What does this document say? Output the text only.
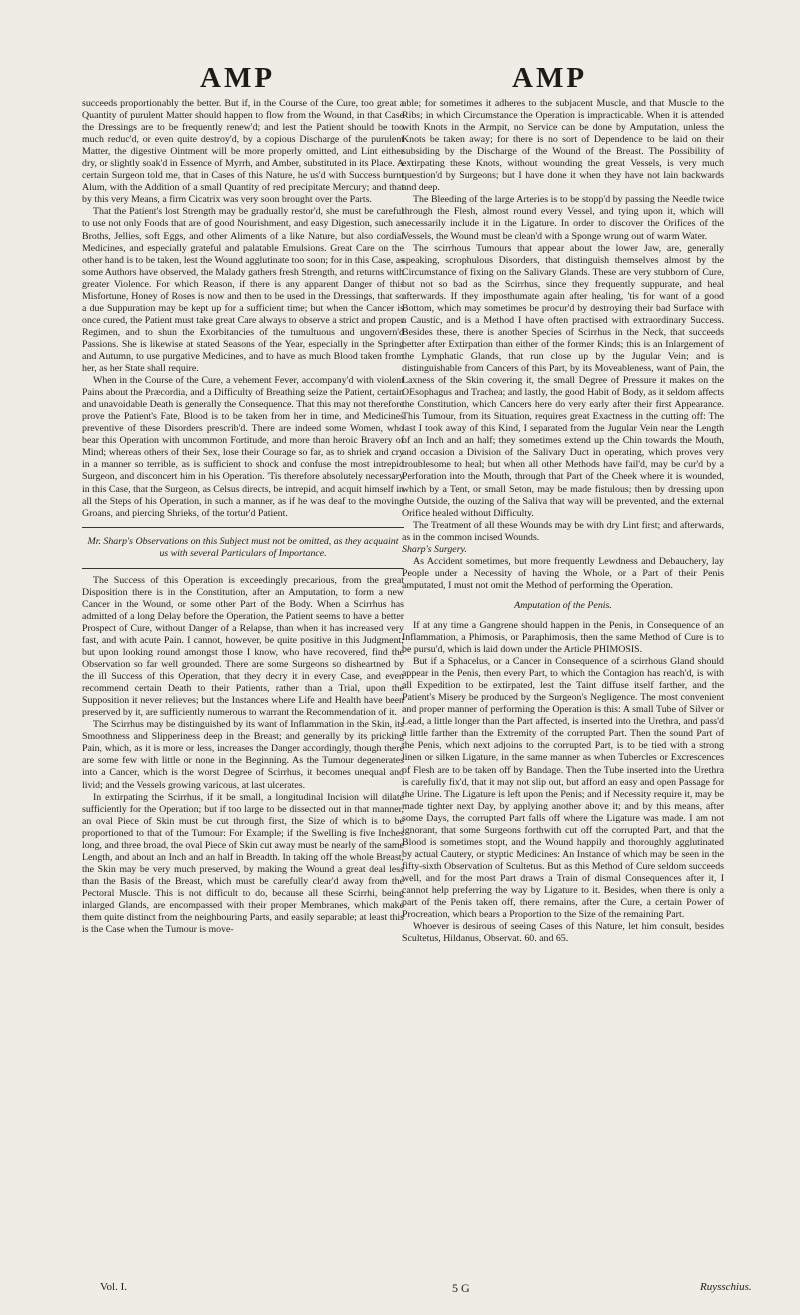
AMP	AMP

succeeds proportionably the better. But if, in the Course of the Cure, too great a Quantity of purulent Matter should happen to flow from the Wound, in that Case the Dressings are to be frequently renew'd; and lest the Patient should be too much reduc'd, or even quite destroy'd, by a copious Discharge of the purulent Matter, the digestive Ointment will be more properly omitted, and Lint either dry, or slightly soak'd in Essence of Myrrh, and Amber, substituted in its Place. A certain Surgeon told me, that in Cases of this Nature, he us'd with Success burnt Alum, with the Addition of a small Quantity of red precipitate Mercury; and that by this very Means, a firm Cicatrix was very soon brought over the Parts.

That the Patient's lost Strength may be gradually restor'd, she must be careful to use not only Foods that are of good Nourishment, and easy Digestion, such as Broths, Jellies, soft Eggs, and other Aliments of a like Nature, but also cordial Medicines, and especially grateful and palatable Emulsions. Great Care on the other hand is to be taken, lest the Wound agglutinate too soon; for in this Case, as some Authors have observed, the Malady gathers fresh Strength, and returns with greater Violence. For which Reason, if there is any apparent Danger of this Misfortune, Honey of Roses is now and then to be used in the Dressings, that so a due Suppuration may be kept up for a sufficient time; but when the Cancer is once cured, the Patient must take great Care always to observe a strict and proper Regimen, and to shun the Exorbitancies of the tumultuous and ungovern'd Passions. She is likewise at stated Seasons of the Year, especially in the Spring and Autumn, to use purgative Medicines, and to have as much Blood taken from her, as her State shall require.

When in the Course of the Cure, a vehement Fever, accompany'd with violent Pains about the Præcordia, and a Difficulty of Breathing seize the Patient, certain and unavoidable Death is generally the Consequence. That this may not therefore prove the Patient's Fate, Blood is to be taken from her in time, and Medicines preventive of these Disorders prescrib'd. There are indeed some Women, who bear this Operation with uncommon Fortitude, and more than heroic Bravery of Mind; whereas others of their Sex, lose their Courage so far, as to shriek and cry in a manner so terrible, as is sufficient to shock and confuse the most intrepid Surgeon, and disconcert him in his Operation. 'Tis therefore absolutely necessary in this Case, that the Surgeon, as Celsus directs, be intrepid, and acquit himself in all the Steps of his Operation, in such a manner, as if he was deaf to the moving Groans, and piercing Shrieks, of the tortur'd Patient.

Mr. Sharp's Observations on this Subject must not be omitted, as they acquaint us with several Particulars of Importance.

The Success of this Operation is exceedingly precarious, from the great Disposition there is in the Constitution, after an Amputation, to form a new Cancer in the Wound, or some other Part of the Body. When a Scirrhus has admitted of a long Delay before the Operation, the Patient seems to have a better Prospect of Cure, without Danger of a Relapse, than when it has increased very fast, and with acute Pain. I cannot, however, be quite positive in this Judgment; but upon looking round amongst those I know, who have recovered, find the Observation so far well grounded. There are some Surgeons so disheartned by the ill Success of this Operation, that they decry it in every Case, and even recommend certain Death to their Patients, rather than a Trial, upon the Supposition it never relieves; but the Instances where Life and Health have been preserved by it, are sufficiently numerous to warrant the Recommendation of it.

The Scirrhus may be distinguished by its want of Inflammation in the Skin, its Smoothness and Slipperiness deep in the Breast; and generally by its pricking Pain, which, as it is more or less, increases the Danger accordingly, though there are some few with little or none in the Beginning. As the Tumour degenerates into a Cancer, which is the worst Degree of Scirrhus, it becomes unequal and livid; and the Vessels growing varicous, at last ulcerates.

In extirpating the Scirrhus, if it be small, a longitudinal Incision will dilate sufficiently for the Operation; but if too large to be dissected out in that manner, an oval Piece of Skin must be cut through first, the Size of which is to be proportioned to that of the Tumour: For Example; if the Swelling is five Inches long, and three broad, the oval Piece of Skin cut away must be nearly of the same Length, and about an Inch and an half in Breadth. In taking off the whole Breast, the Skin may be very much preserved, by making the Wound a great deal less than the Basis of the Breast, which must be carefully clear'd away from the Pectoral Muscle. This is not difficult to do, because all these Scirrhi, being inlarged Glands, are encompassed with their proper Membranes, which make them quite distinct from the neighbouring Parts, and easily separable; at least this is the Case when the Tumour is move-

able; for sometimes it adheres to the subjacent Muscle, and that Muscle to the Ribs; in which Circumstance the Operation is impracticable. When it is attended with Knots in the Armpit, no Service can be done by Amputation, unless the Knots be taken away; for there is no sort of Dependence to be laid on their subsiding by the Discharge of the Wound of the Breast. The Possibility of extirpating these Knots, without wounding the great Vessels, is very much question'd by Surgeons; but I have done it when they have not lain backwards and deep.

The Bleeding of the large Arteries is to be stopp'd by passing the Needle twice through the Flesh, almost round every Vessel, and tying upon it, which will necessarily include it in the Ligature. In order to discover the Orifices of the Vessels, the Wound must be clean'd with a Sponge wrung out of warm Water.

The scirrhous Tumours that appear about the lower Jaw, are, generally speaking, scrophulous Disorders, that distinguish themselves almost by the Circumstance of fixing on the Salivary Glands. These are very stubborn of Cure, but not so bad as the Scirrhus, since they frequently suppurate, and heal afterwards. If they imposthumate again after healing, 'tis for want of a good Bottom, which may sometimes be procur'd by destroying their bad Surface with a Caustic, and is a Method I have often practised with extraordinary Success. Besides these, there is another Species of Scirrhus in the Neck, that succeeds better after Extirpation than either of the former Kinds; this is an Inlargement of the Lymphatic Glands, that run close up by the Jugular Vein; and is distinguishable from Cancers of this Part, by its Moveableness, want of Pain, the Laxness of the Skin covering it, the small Degree of Pressure it makes on the OEsophagus and Trachea; and lastly, the good Habit of Body, as it seldom affects the Constitution, which Cancers here do very early after their first Appearance. This Tumour, from its Situation, requires great Exactness in the cutting off: The last I took away of this Kind, I separated from the Jugular Vein near the Length of an Inch and an half; they sometimes extend up the Chin towards the Mouth, and occasion a Division of the Salivary Duct in operating, which proves very troublesome to heal; but when all other Methods have fail'd, may be cur'd by a Perforation into the Mouth, through that Part of the Cheek where it is wounded, which by a Tent, or small Seton, may be made fistulous; then by dressing upon the Outside, the ouzing of the Saliva that way will be prevented, and the external Orifice healed without Difficulty.

The Treatment of all these Wounds may be with dry Lint first; and afterwards, as in the common incised Wounds.

Sharp's Surgery.

As Accident sometimes, but more frequently Lewdness and Debauchery, lay People under a Necessity of having the Whole, or a Part of their Penis amputated, I must not omit the Method of performing the Operation.

Amputation of the Penis.

If at any time a Gangrene should happen in the Penis, in Consequence of an Inflammation, a Phimosis, or Paraphimosis, then the same Method of Cure is to be pursu'd, which is laid down under the Article PHIMOSIS.

But if a Sphacelus, or a Cancer in Consequence of a scirrhous Gland should appear in the Penis, then every Part, to which the Contagion has reach'd, is with all Expedition to be extirpated, lest the Taint diffuse itself farther, and the Patient's Misery be produced by the Surgeon's Negligence. The most convenient and proper manner of performing the Operation is this: A small Tube of Silver or Lead, a little longer than the Part affected, is inserted into the Urethra, and pass'd a little farther than the Extremity of the corrupted Part. Then the sound Part of the Penis, which next adjoins to the corrupted Part, is to be tied with a strong linen or silken Ligature, in the same manner as when Tubercles or Excrescences of Flesh are to be taken off by Bandage. Then the Tube inserted into the Urethra is carefully fix'd, that it may not slip out, but afford an easy and open Passage for the Urine. The Ligature is left upon the Penis; and if Necessity require it, may be made tighter next Day, by applying another above it; and by this means, after some Days, the corrupted Part falls off where the Ligature was made. I am not ignorant, that some Surgeons forthwith cut off the corrupted Part, and that the Blood is sometimes stopt, and the Wound happily and thoroughly agglutinated by actual Cautery, or styptic Medicines: An Instance of which may be seen in the fifty-sixth Observation of Scultetus. But as this Method of Cure seldom succeeds well, and for the most Part draws a Train of dismal Consequences after it, I cannot help preferring the way by Ligature to it. Besides, when there is only a part of the Penis taken off, there remains, after the Cure, a certain Power of Procreation, which bears a Proportion to the Size of the remaining Part.

Whoever is desirous of seeing Cases of this Nature, let him consult, besides Scultetus, Hildanus, Observat. 60. and 65.

Vol. I.	5 G	Ruysschius.
